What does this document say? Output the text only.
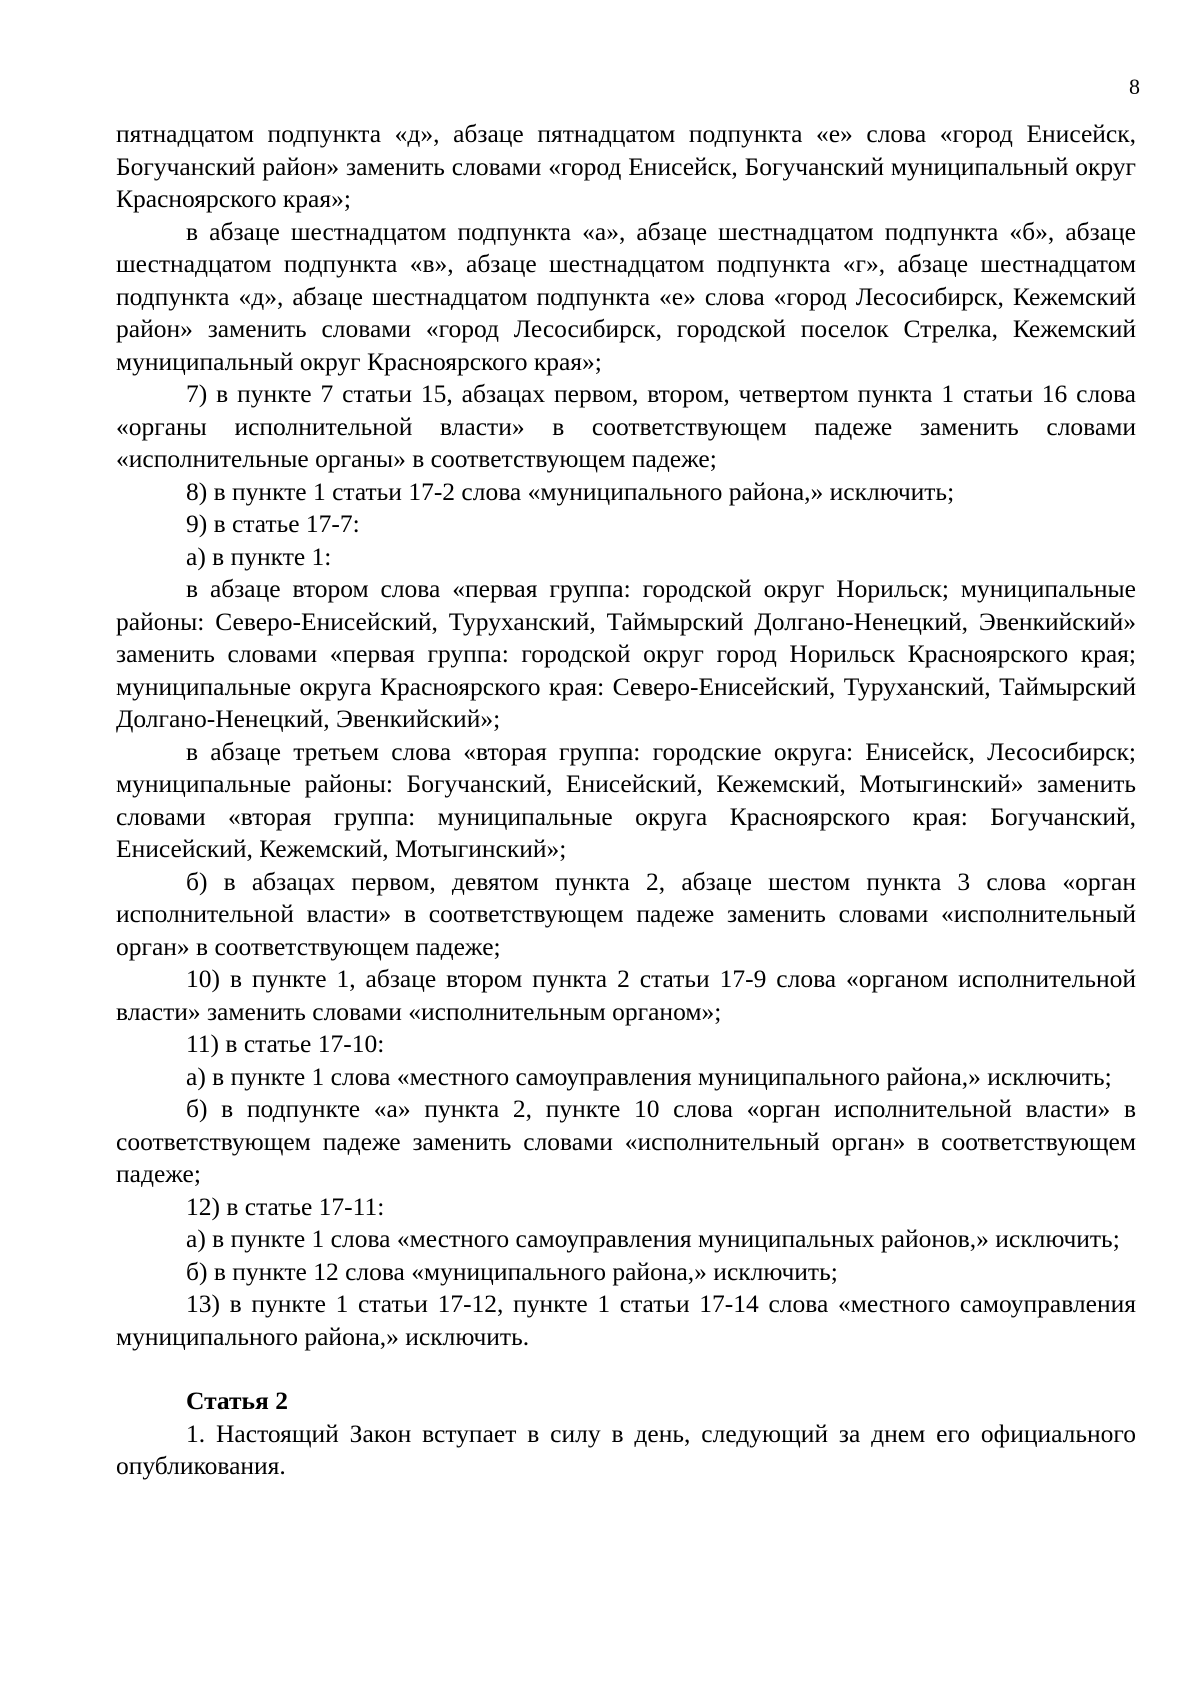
8

пятнадцатом подпункта «д», абзаце пятнадцатом подпункта «е» слова «город Енисейск, Богучанский район» заменить словами «город Енисейск, Богучанский муниципальный округ Красноярского края»;

в абзаце шестнадцатом подпункта «а», абзаце шестнадцатом подпункта «б», абзаце шестнадцатом подпункта «в», абзаце шестнадцатом подпункта «г», абзаце шестнадцатом подпункта «д», абзаце шестнадцатом подпункта «е» слова «город Лесосибирск, Кежемский район» заменить словами «город Лесосибирск, городской поселок Стрелка, Кежемский муниципальный округ Красноярского края»;

7) в пункте 7 статьи 15, абзацах первом, втором, четвертом пункта 1 статьи 16 слова «органы исполнительной власти» в соответствующем падеже заменить словами «исполнительные органы» в соответствующем падеже;

8) в пункте 1 статьи 17-2 слова «муниципального района,» исключить;

9) в статье 17-7:

а) в пункте 1:

в абзаце втором слова «первая группа: городской округ Норильск; муниципальные районы: Северо-Енисейский, Туруханский, Таймырский Долгано-Ненецкий, Эвенкийский» заменить словами «первая группа: городской округ город Норильск Красноярского края; муниципальные округа Красноярского края: Северо-Енисейский, Туруханский, Таймырский Долгано-Ненецкий, Эвенкийский»;

в абзаце третьем слова «вторая группа: городские округа: Енисейск, Лесосибирск; муниципальные районы: Богучанский, Енисейский, Кежемский, Мотыгинский» заменить словами «вторая группа: муниципальные округа Красноярского края: Богучанский, Енисейский, Кежемский, Мотыгинский»;

б) в абзацах первом, девятом пункта 2, абзаце шестом пункта 3 слова «орган исполнительной власти» в соответствующем падеже заменить словами «исполнительный орган» в соответствующем падеже;

10) в пункте 1, абзаце втором пункта 2 статьи 17-9 слова «органом исполнительной власти» заменить словами «исполнительным органом»;

11) в статье 17-10:

а) в пункте 1 слова «местного самоуправления муниципального района,» исключить;

б) в подпункте «а» пункта 2, пункте 10 слова «орган исполнительной власти» в соответствующем падеже заменить словами «исполнительный орган» в соответствующем падеже;

12) в статье 17-11:

а) в пункте 1 слова «местного самоуправления муниципальных районов,» исключить;

б) в пункте 12 слова «муниципального района,» исключить;

13) в пункте 1 статьи 17-12, пункте 1 статьи 17-14 слова «местного самоуправления муниципального района,» исключить.

Статья 2

1. Настоящий Закон вступает в силу в день, следующий за днем его официального опубликования.
